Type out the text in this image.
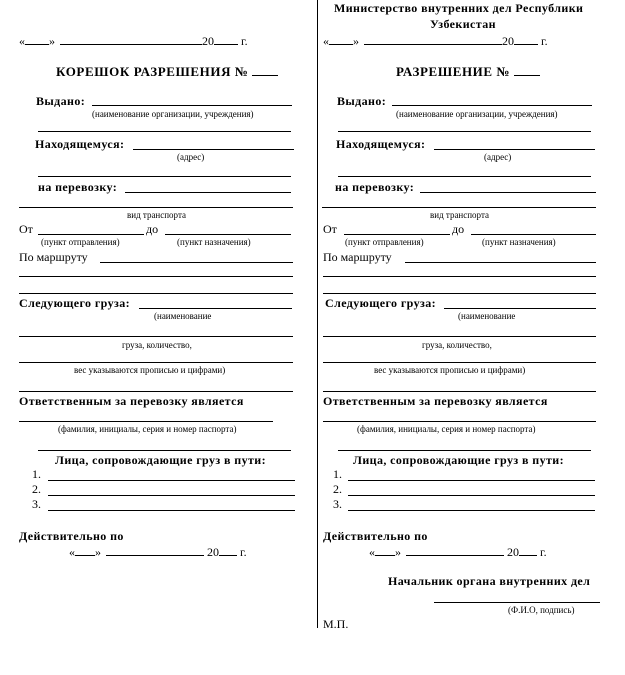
« »	20 г.
КОРЕШОК РАЗРЕШЕНИЯ №
Выдано:
(наименование организации, учреждения)
Находящемуся:
(адрес)
на перевозку:
вид транспорта
От	до
(пункт отправления)	(пункт назначения)
По маршруту
Следующего груза:
(наименование
груза, количество,
вес указываются прописью и цифрами)
Ответственным за перевозку является
(фамилия, инициалы, серия и номер паспорта)
Лица, сопровождающие груз в пути:
1.
2.
3.
Действительно по
« »	20 г.
Министерство внутренних дел Республики
Узбекистан
« »	20 г.
РАЗРЕШЕНИЕ №
Выдано:
(наименование организации, учреждения)
Находящемуся:
(адрес)
на перевозку:
вид транспорта
От	до
(пункт отправления)	(пункт назначения)
По маршруту
Следующего груза:
(наименование
груза, количество,
вес указываются прописью и цифрами)
Ответственным за перевозку является
(фамилия, инициалы, серия и номер паспорта)
Лица, сопровождающие груз в пути:
1.
2.
3.
Действительно по
« »	20 г.
Начальник органа внутренних дел
(Ф.И.О, подпись)
М.П.
